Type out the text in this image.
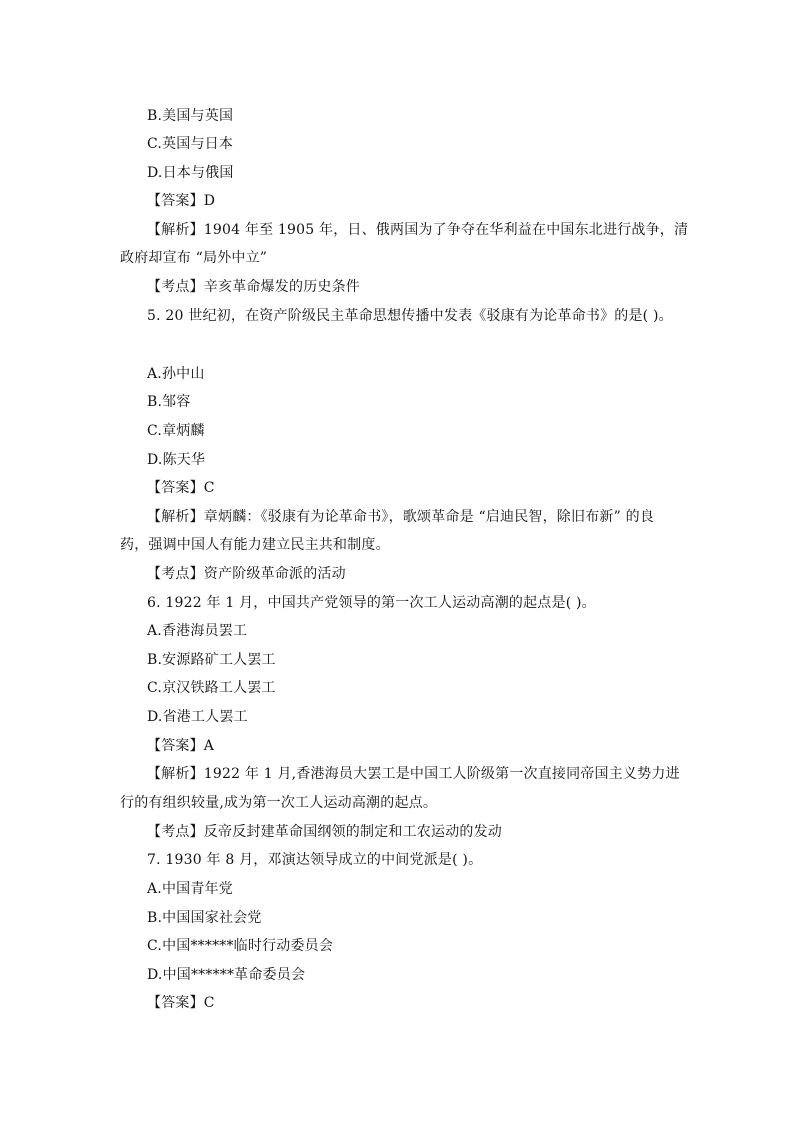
B.美国与英国
C.英国与日本
D.日本与俄国
【答案】D
【解析】1904 年至 1905 年，日、俄两国为了争夺在华利益在中国东北进行战争，清
政府却宣布 “局外中立”
【考点】辛亥革命爆发的历史条件
5. 20 世纪初，在资产阶级民主革命思想传播中发表《驳康有为论革命书》的是( )。
A.孙中山
B.邹容
C.章炳麟
D.陈天华
【答案】C
【解析】章炳麟：《驳康有为论革命书》，歌颂革命是 “启迪民智，除旧布新” 的良
药，强调中国人有能力建立民主共和制度。
【考点】资产阶级革命派的活动
6. 1922 年 1 月，中国共产党领导的第一次工人运动高潮的起点是( )。
A.香港海员罢工
B.安源路矿工人罢工
C.京汉铁路工人罢工
D.省港工人罢工
【答案】A
【解析】1922 年 1 月,香港海员大罢工是中国工人阶级第一次直接同帝国主义势力进
行的有组织较量,成为第一次工人运动高潮的起点。
【考点】反帝反封建革命国纲领的制定和工农运动的发动
7. 1930 年 8 月，邓演达领导成立的中间党派是( )。
A.中国青年党
B.中国国家社会党
C.中国******临时行动委员会
D.中国******革命委员会
【答案】C
